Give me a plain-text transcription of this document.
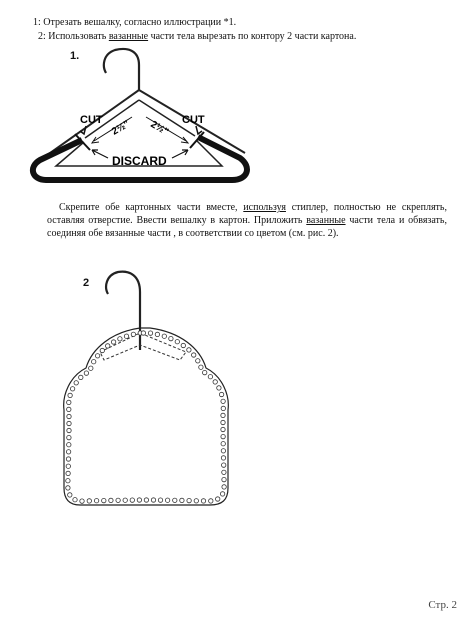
1: Отрезать вешалку, согласно иллюстрации *1.
2: Использовать вазанные части тела вырезать по контору 2 части картона.
1.
CUT	CUT
2½" 2½"
DISCARD

Скрепите обе картонных части вместе, используя стиплер, полностью не скреплять, оставляя отверстие. Ввести вешалку в картон. Приложить вазанные части тела и обвязать, соединяя обе вязанные части , в соответствии со цветом (см. рис. 2).

2
Стр. 2
